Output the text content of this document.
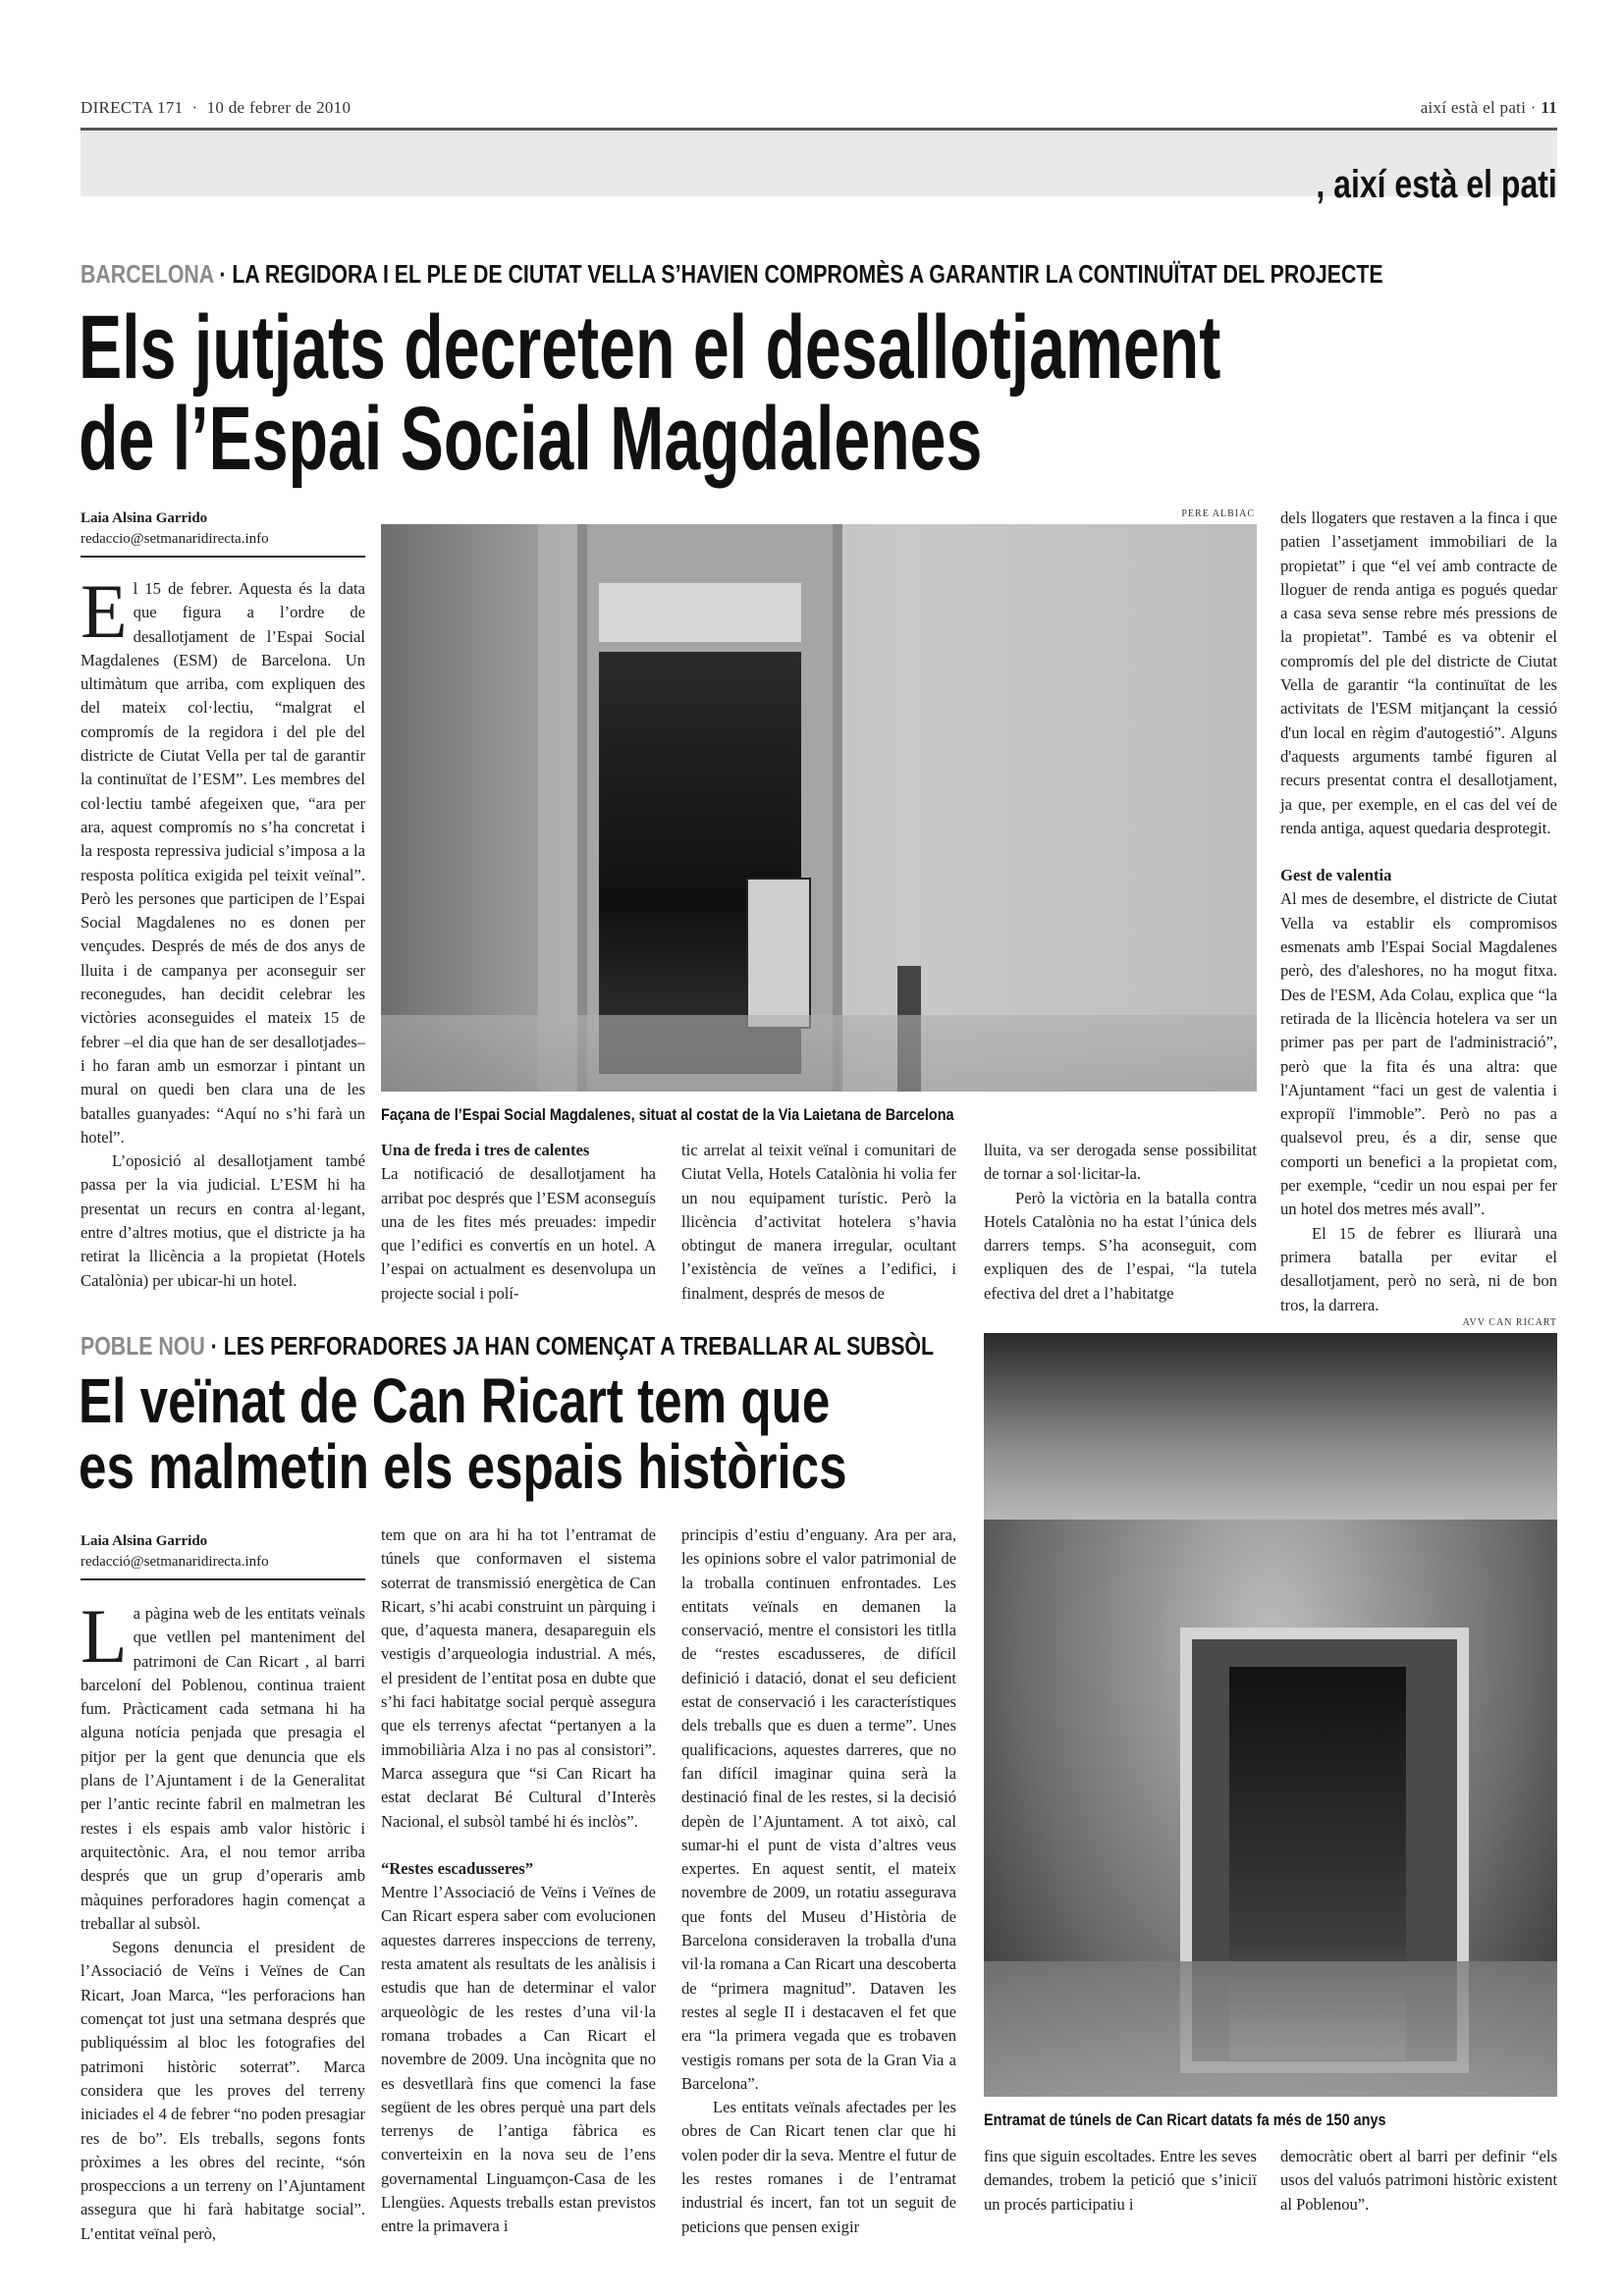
DIRECTA 171 · 10 de febrer de 2010	així està el pati · 11
, així està el pati
BARCELONA · LA REGIDORA I EL PLE DE CIUTAT VELLA S’HAVIEN COMPROMÈS A GARANTIR LA CONTINUÏTAT DEL PROJECTE
Els jutjats decreten el desallotjament
de l’Espai Social Magdalenes
Laia Alsina Garrido
redaccio@setmanaridirecta.info

El 15 de febrer. Aquesta és la data que figura a l’ordre de desallotjament de l’Espai Social Magdalenes (ESM) de Barcelona. Un ultimàtum que arriba, com expliquen des del mateix col·lectiu, “malgrat el compromís de la regidora i del ple del districte de Ciutat Vella per tal de garantir la continuïtat de l’ESM”. Les membres del col·lectiu també afegeixen que, “ara per ara, aquest compromís no s’ha concretat i la resposta repressiva judicial s’imposa a la resposta política exigida pel teixit veïnal”. Però les persones que participen de l’Espai Social Magdalenes no es donen per vençudes. Després de més de dos anys de lluita i de campanya per aconseguir ser reconegudes, han decidit celebrar les victòries aconseguides el mateix 15 de febrer –el dia que han de ser desallotjades– i ho faran amb un esmorzar i pintant un mural on quedi ben clara una de les batalles guanyades: “Aquí no s’hi farà un hotel”.

L’oposició al desallotjament també passa per la via judicial. L’ESM hi ha presentat un recurs en contra al·legant, entre d’altres motius, que el districte ja ha retirat la llicència a la propietat (Hotels Catalònia) per ubicar-hi un hotel.

PERE ALBIAC
Façana de l’Espai Social Magdalenes, situat al costat de la Via Laietana de Barcelona
Una de freda i tres de calentes

La notificació de desallotjament ha arribat poc després que l’ESM aconseguís una de les fites més preuades: impedir que l’edifici es convertís en un hotel. A l’espai on actualment es desenvolupa un projecte social i polí-

tic arrelat al teixit veïnal i comunitari de Ciutat Vella, Hotels Catalònia hi volia fer un nou equipament turístic. Però la llicència d’activitat hotelera s’havia obtingut de manera irregular, ocultant l’existència de veïnes a l’edifici, i finalment, després de mesos de

lluita, va ser derogada sense possibilitat de tornar a sol·licitar-la.

Però la victòria en la batalla contra Hotels Catalònia no ha estat l’única dels darrers temps. S’ha aconseguit, com expliquen des de l’espai, “la tutela efectiva del dret a l’habitatge

dels llogaters que restaven a la finca i que patien l’assetjament immobiliari de la propietat” i que “el veí amb contracte de lloguer de renda antiga es pogués quedar a casa seva sense rebre més pressions de la propietat”. També es va obtenir el compromís del ple del districte de Ciutat Vella de garantir “la continuïtat de les activitats de l'ESM mitjançant la cessió d'un local en règim d'autogestió”. Alguns d'aquests arguments també figuren al recurs presentat contra el desallotjament, ja que, per exemple, en el cas del veí de renda antiga, aquest quedaria desprotegit.

Gest de valentia

Al mes de desembre, el districte de Ciutat Vella va establir els compromisos esmenats amb l'Espai Social Magdalenes però, des d'aleshores, no ha mogut fitxa. Des de l'ESM, Ada Colau, explica que “la retirada de la llicència hotelera va ser un primer pas per part de l'administració”, però que la fita és una altra: que l'Ajuntament “faci un gest de valentia i expropiï l'immoble”. Però no pas a qualsevol preu, és a dir, sense que comporti un benefici a la propietat com, per exemple, “cedir un nou espai per fer un hotel dos metres més avall”.

El 15 de febrer es lliurarà una primera batalla per evitar el desallotjament, però no serà, ni de bon tros, la darrera.

POBLE NOU · LES PERFORADORES JA HAN COMENÇAT A TREBALLAR AL SUBSÒL
El veïnat de Can Ricart tem que
es malmetin els espais històrics
Laia Alsina Garrido
redacció@setmanaridirecta.info

La pàgina web de les entitats veïnals que vetllen pel manteniment del patrimoni de Can Ricart , al barri barceloní del Poblenou, continua traient fum. Pràcticament cada setmana hi ha alguna notícia penjada que presagia el pitjor per la gent que denuncia que els plans de l’Ajuntament i de la Generalitat per l’antic recinte fabril en malmetran les restes i els espais amb valor històric i arquitectònic. Ara, el nou temor arriba després que un grup d’operaris amb màquines perforadores hagin començat a treballar al subsòl.

Segons denuncia el president de l’Associació de Veïns i Veïnes de Can Ricart, Joan Marca, “les perforacions han començat tot just una setmana després que publiquéssim al bloc les fotografies del patrimoni històric soterrat”. Marca considera que les proves del terreny iniciades el 4 de febrer “no poden presagiar res de bo”. Els treballs, segons fonts pròximes a les obres del recinte, “són prospeccions a un terreny on l’Ajuntament assegura que hi farà habitatge social”. L’entitat veïnal però,

tem que on ara hi ha tot l’entramat de túnels que conformaven el sistema soterrat de transmissió energètica de Can Ricart, s’hi acabi construint un pàrquing i que, d’aquesta manera, desapareguin els vestigis d’arqueologia industrial. A més, el president de l’entitat posa en dubte que s’hi faci habitatge social perquè assegura que els terrenys afectat “pertanyen a la immobiliària Alza i no pas al consistori”. Marca assegura que “si Can Ricart ha estat declarat Bé Cultural d’Interès Nacional, el subsòl també hi és inclòs”.

“Restes escadusseres”

Mentre l’Associació de Veïns i Veïnes de Can Ricart espera saber com evolucionen aquestes darreres inspeccions de terreny, resta amatent als resultats de les anàlisis i estudis que han de determinar el valor arqueològic de les restes d’una vil·la romana trobades a Can Ricart el novembre de 2009. Una incògnita que no es desvetllarà fins que comenci la fase següent de les obres perquè una part dels terrenys de l’antiga fàbrica es converteixin en la nova seu de l’ens governamental Linguamçon-Casa de les Llengües. Aquests treballs estan previstos entre la primavera i

principis d’estiu d’enguany. Ara per ara, les opinions sobre el valor patrimonial de la troballa continuen enfrontades. Les entitats veïnals en demanen la conservació, mentre el consistori les titlla de “restes escadusseres, de difícil definició i datació, donat el seu deficient estat de conservació i les característiques dels treballs que es duen a terme”. Unes qualificacions, aquestes darreres, que no fan difícil imaginar quina serà la destinació final de les restes, si la decisió depèn de l’Ajuntament. A tot això, cal sumar-hi el punt de vista d’altres veus expertes. En aquest sentit, el mateix novembre de 2009, un rotatiu assegurava que fonts del Museu d’Història de Barcelona consideraven la troballa d'una vil·la romana a Can Ricart una descoberta de “primera magnitud”. Dataven les restes al segle II i destacaven el fet que era “la primera vegada que es trobaven vestigis romans per sota de la Gran Via a Barcelona”.

Les entitats veïnals afectades per les obres de Can Ricart tenen clar que hi volen poder dir la seva. Mentre el futur de les restes romanes i de l’entramat industrial és incert, fan tot un seguit de peticions que pensen exigir

AVV CAN RICART
Entramat de túnels de Can Ricart datats fa més de 150 anys

fins que siguin escoltades. Entre les seves demandes, trobem la petició que s’iniciï un procés participatiu i

democràtic obert al barri per definir “els usos del valuós patrimoni històric existent al Poblenou”.
